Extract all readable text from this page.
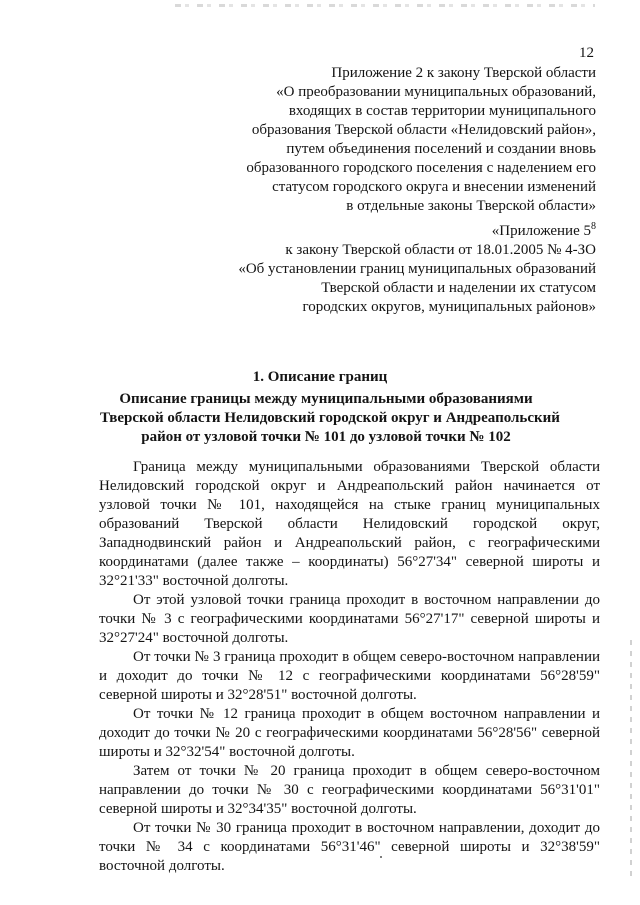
12
Приложение 2 к закону Тверской области
«О преобразовании муниципальных образований,
входящих в состав территории муниципального
образования Тверской области «Нелидовский район»,
путем объединения поселений и создании вновь
образованного городского поселения с наделением его
статусом городского округа и внесении изменений
в отдельные законы Тверской области»
«Приложение $5^8$
к закону Тверской области от 18.01.2005 № 4-ЗО
«Об установлении границ муниципальных образований
Тверской области и наделении их статусом
городских округов, муниципальных районов»
1. Описание границ
Описание границы между муниципальными образованиями
Тверской области Нелидовский городской округ и Андреапольский
район от узловой точки № 101 до узловой точки № 102

Граница между муниципальными образованиями Тверской области Нелидовский городской округ и Андреапольский район начинается от узловой точки № 101, находящейся на стыке границ муниципальных образований Тверской области Нелидовский городской округ, Западнодвинский район и Андреапольский район, с географическими координатами (далее также – координаты) 56°27'34" северной широты и 32°21'33" восточной долготы.

От этой узловой точки граница проходит в восточном направлении до точки № 3 с географическими координатами 56°27'17" северной широты и 32°27'24" восточной долготы.

От точки № 3 граница проходит в общем северо-восточном направлении и доходит до точки № 12 с географическими координатами 56°28'59" северной широты и 32°28'51" восточной долготы.

От точки № 12 граница проходит в общем восточном направлении и доходит до точки № 20 с географическими координатами 56°28'56" северной широты и 32°32'54" восточной долготы.

Затем от точки № 20 граница проходит в общем северо-восточном направлении до точки № 30 с географическими координатами 56°31'01" северной широты и 32°34'35" восточной долготы.

От точки № 30 граница проходит в восточном направлении, доходит до точки № 34 с координатами 56°31'46" северной широты и 32°38'59" восточной долготы.
